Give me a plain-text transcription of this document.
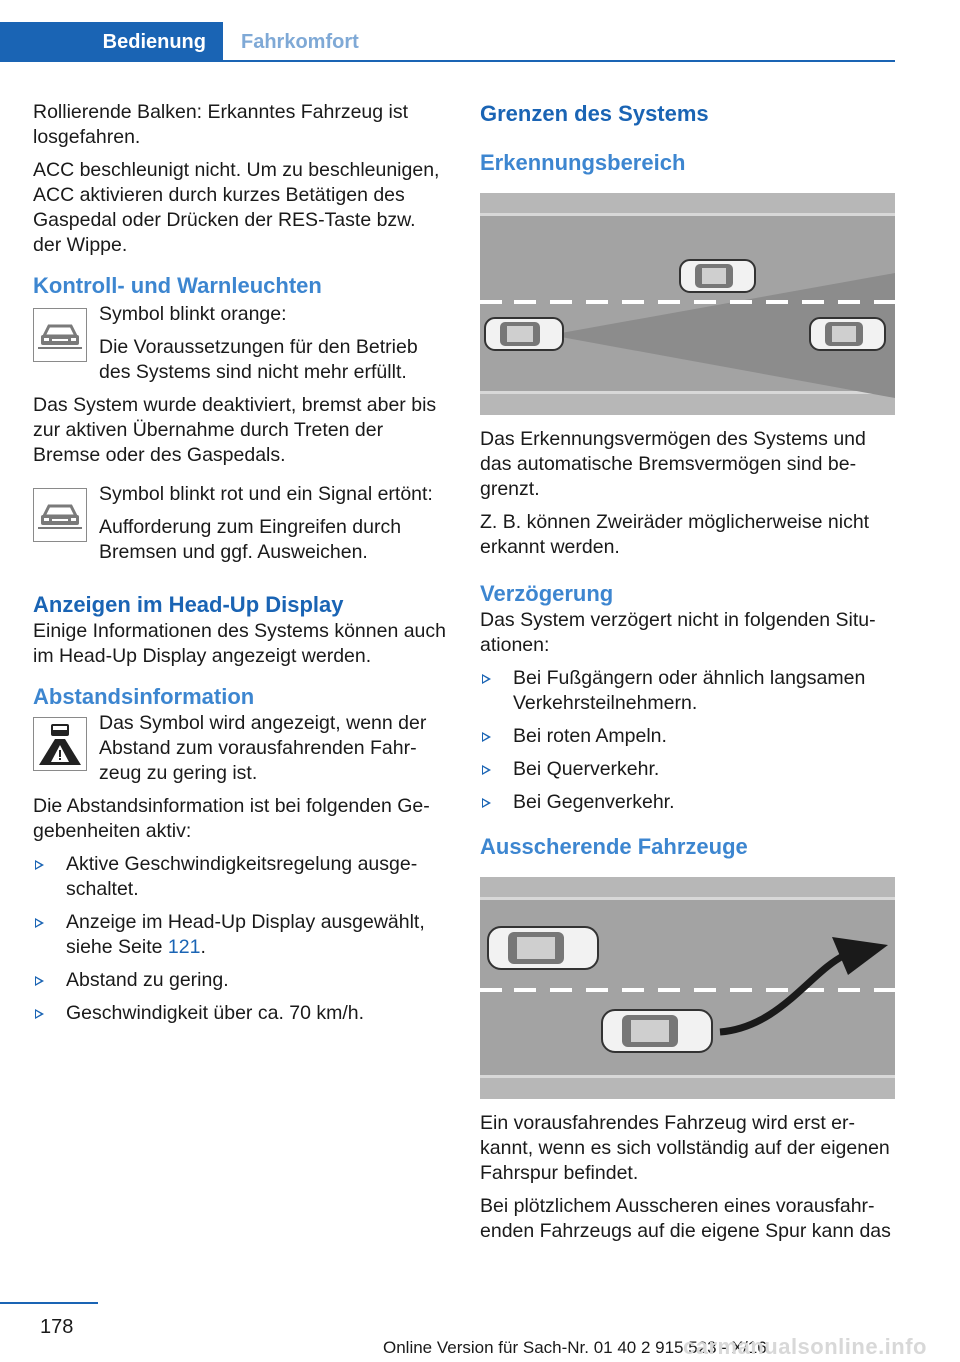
Bedienung	Fahrkomfort

Rollierende Balken: Erkanntes Fahrzeug ist losgefahren.

ACC beschleunigt nicht. Um zu beschleunigen, ACC aktivieren durch kurzes Betätigen des Gaspedal oder Drücken der RES-Taste bzw. der Wippe.

Kontroll- und Warnleuchten

Symbol blinkt orange:

Die Voraussetzungen für den Betrieb des Systems sind nicht mehr erfüllt.

Das System wurde deaktiviert, bremst aber bis zur aktiven Übernahme durch Treten der Bremse oder des Gaspedals.

Symbol blinkt rot und ein Signal ertönt:

Aufforderung zum Eingreifen durch Bremsen und ggf. Ausweichen.

Anzeigen im Head-Up Display

Einige Informationen des Systems können auch im Head-Up Display angezeigt werden.

Abstandsinformation

Das Symbol wird angezeigt, wenn der Abstand zum vorausfahrenden Fahrzeug zu gering ist.

Die Abstandsinformation ist bei folgenden Gegebenheiten aktiv:

Aktive Geschwindigkeitsregelung ausgeschaltet.
Anzeige im Head-Up Display ausgewählt, siehe Seite 121.
Abstand zu gering.
Geschwindigkeit über ca. 70 km/h.
Grenzen des Systems
Erkennungsbereich

Das Erkennungsvermögen des Systems und das automatische Bremsvermögen sind begrenzt.

Z. B. können Zweiräder möglicherweise nicht erkannt werden.

Verzögerung

Das System verzögert nicht in folgenden Situationen:

Bei Fußgängern oder ähnlich langsamen Verkehrsteilnehmern.
Bei roten Ampeln.
Bei Querverkehr.
Bei Gegenverkehr.
Ausscherende Fahrzeuge

Ein vorausfahrendes Fahrzeug wird erst erkannt, wenn es sich vollständig auf der eigenen Fahrspur befindet.

Bei plötzlichem Ausscheren eines vorausfahrenden Fahrzeugs auf die eigene Spur kann das

178
Online Version für Sach-Nr. 01 40 2 915 523 - X/16
carmanualsonline.info
